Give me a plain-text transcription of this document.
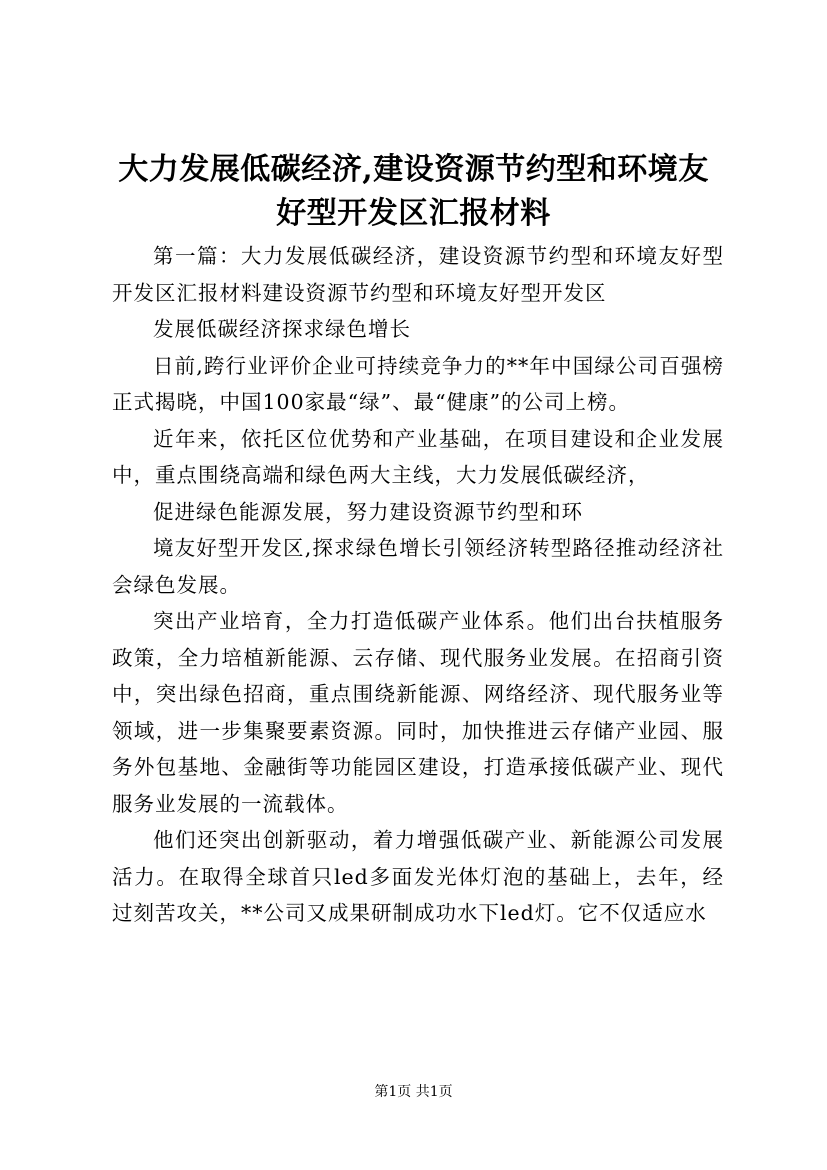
大力发展低碳经济,建设资源节约型和环境友
好型开发区汇报材料

第一篇：大力发展低碳经济，建设资源节约型和环境友好型开发区汇报材料建设资源节约型和环境友好型开发区

发展低碳经济探求绿色增长

日前,跨行业评价企业可持续竞争力的**年中国绿公司百强榜正式揭晓，中国100家最“绿”、最“健康”的公司上榜。

近年来，依托区位优势和产业基础，在项目建设和企业发展中，重点围绕高端和绿色两大主线，大力发展低碳经济，

促进绿色能源发展，努力建设资源节约型和环

境友好型开发区,探求绿色增长引领经济转型路径推动经济社会绿色发展。

突出产业培育，全力打造低碳产业体系。他们出台扶植服务政策，全力培植新能源、云存储、现代服务业发展。在招商引资中，突出绿色招商，重点围绕新能源、网络经济、现代服务业等领域，进一步集聚要素资源。同时，加快推进云存储产业园、服务外包基地、金融街等功能园区建设，打造承接低碳产业、现代服务业发展的一流载体。

他们还突出创新驱动，着力增强低碳产业、新能源公司发展活力。在取得全球首只led多面发光体灯泡的基础上，去年，经过刻苦攻关，**公司又成果研制成功水下led灯。它不仅适应水

第1页 共1页
